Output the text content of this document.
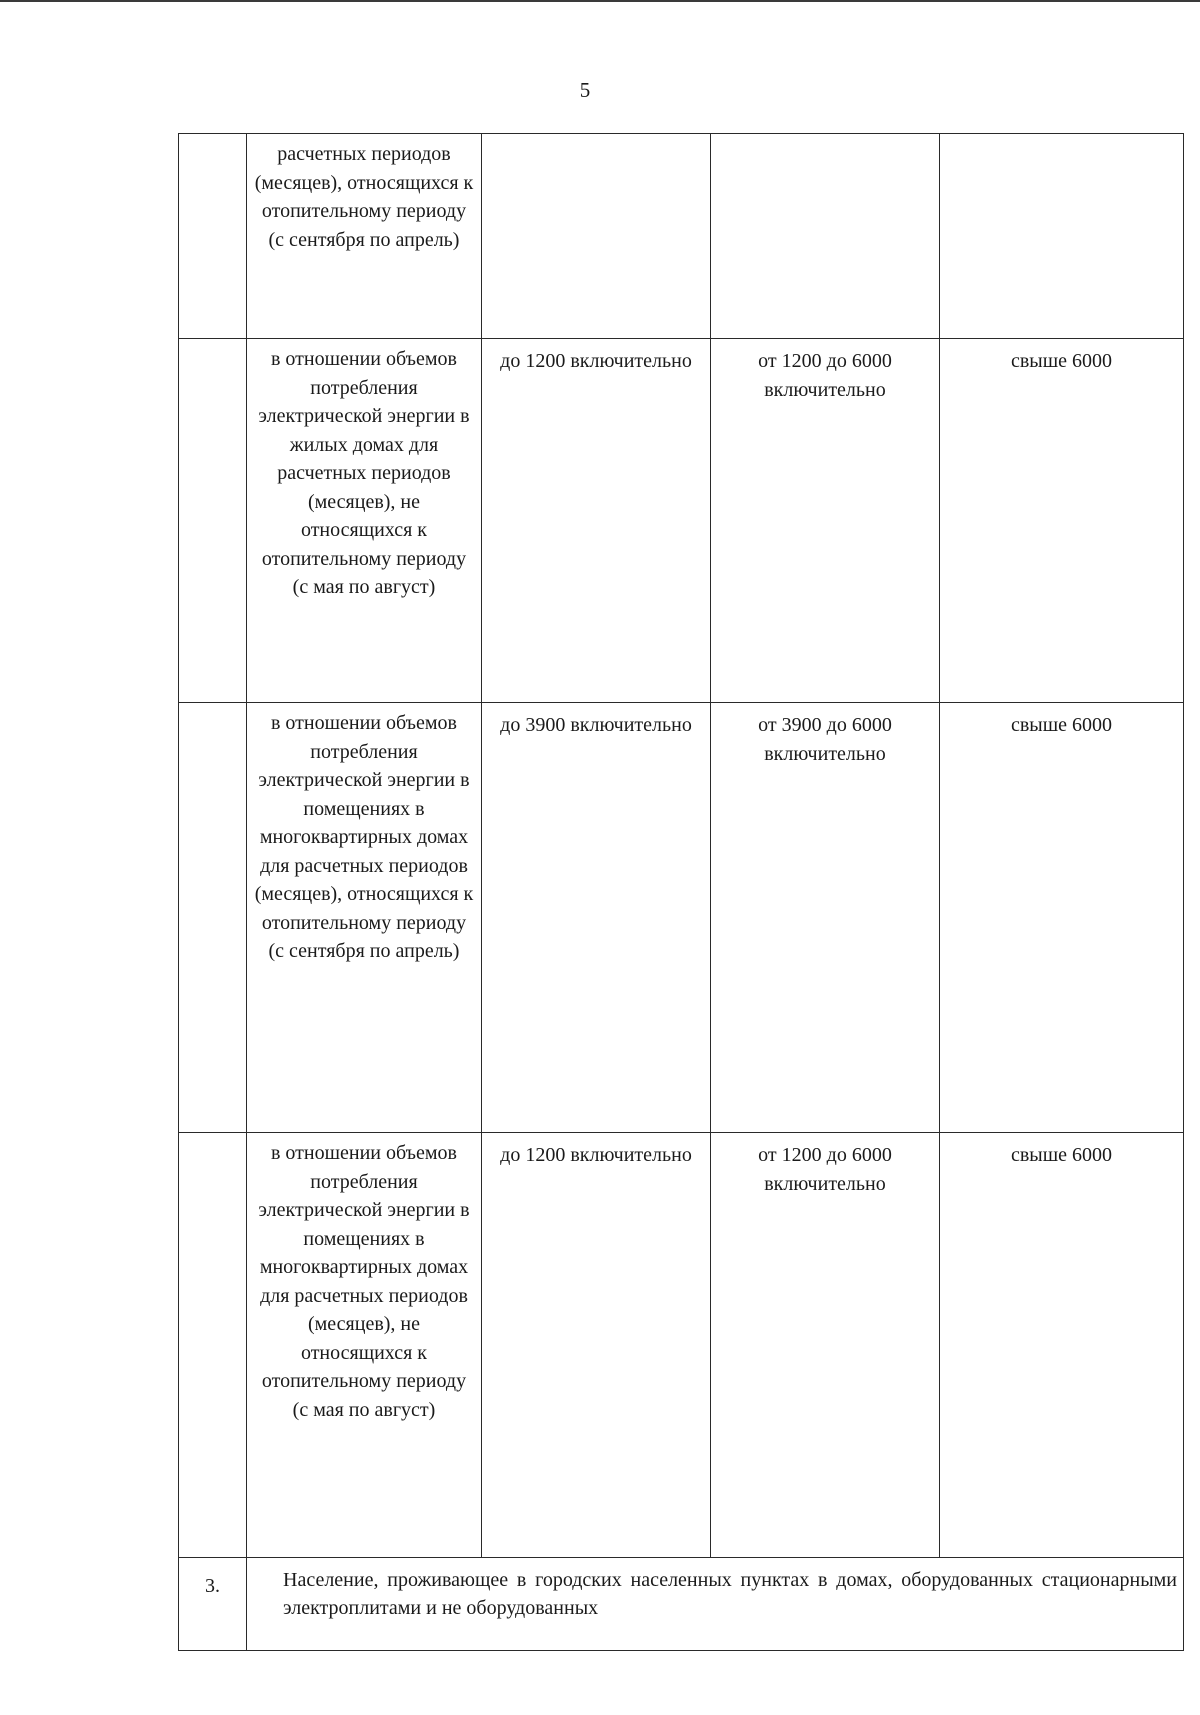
5
	расчетных периодов (месяцев), относящихся к отопительному периоду (с сентября по апрель)			
	в отношении объемов потребления электрической энергии в жилых домах для расчетных периодов (месяцев), не относящихся к отопительному периоду (с мая по август)	до 1200 включительно	от 1200 до 6000 включительно	свыше 6000
	в отношении объемов потребления электрической энергии в помещениях в многоквартирных домах для расчетных периодов (месяцев), относящихся к отопительному периоду (с сентября по апрель)	до 3900 включительно	от 3900 до 6000 включительно	свыше 6000
	в отношении объемов потребления электрической энергии в помещениях в многоквартирных домах для расчетных периодов (месяцев), не относящихся к отопительному периоду (с мая по август)	до 1200 включительно	от 1200 до 6000 включительно	свыше 6000
3.	Население, проживающее в городских населенных пунктах в домах, оборудованных стационарными электроплитами и не оборудованных			
